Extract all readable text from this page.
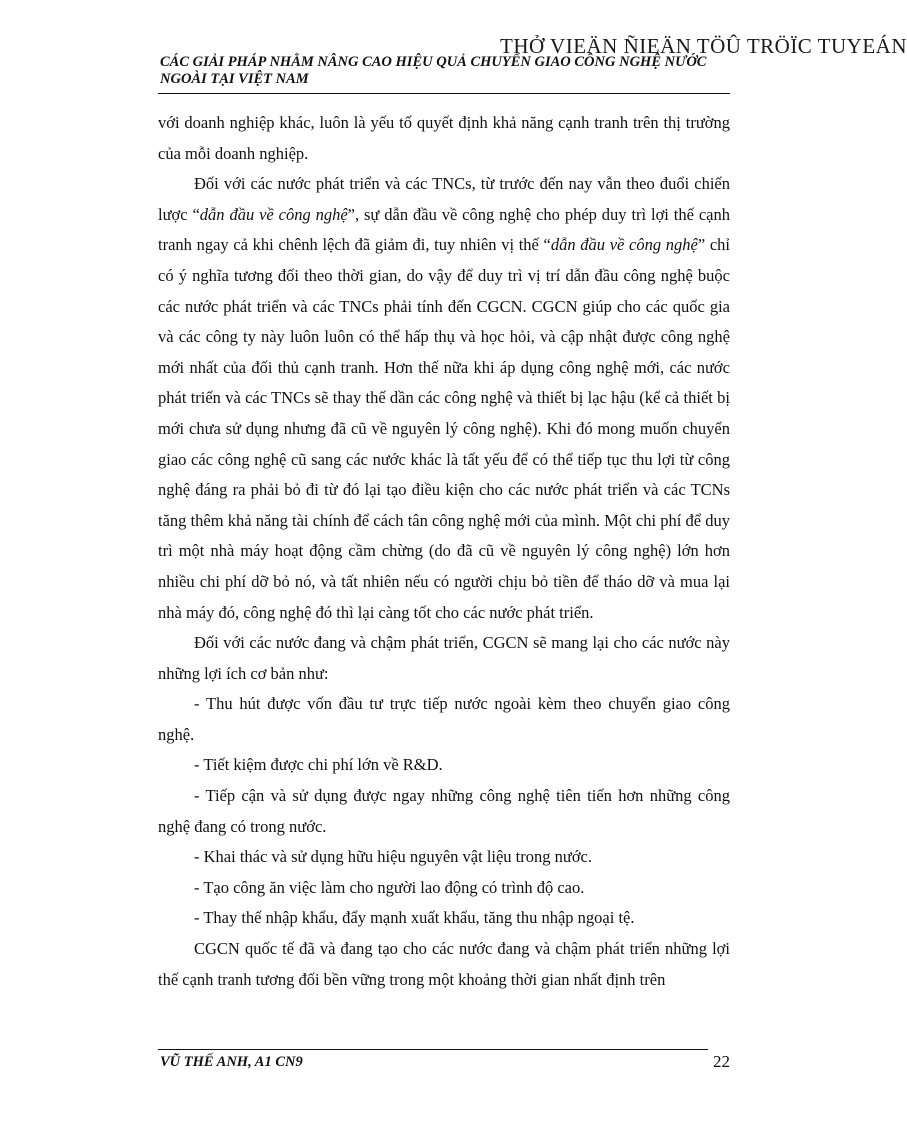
THỞ VIEÄN ÑIEÄN TÖÛ TRÖÏC TUYEÁN
CÁC GIẢI PHÁP NHẰM NÂNG CAO HIỆU QUẢ CHUYỂN GIAO CÔNG NGHỆ NƯỚC NGOÀI TẠI VIỆT NAM

với doanh nghiệp khác, luôn là yếu tố quyết định khả năng cạnh tranh trên thị trường của mỗi doanh nghiệp.

Đối với các nước phát triển và các TNCs, từ trước đến nay vẫn theo đuổi chiến lược “dẫn đầu về công nghệ”, sự dẫn đầu về công nghệ cho phép duy trì lợi thế cạnh tranh ngay cả khi chênh lệch đã giảm đi, tuy nhiên vị thế “dẫn đầu về công nghệ” chỉ có ý nghĩa tương đối theo thời gian, do vậy để duy trì vị trí dẫn đầu công nghệ buộc các nước phát triển và các TNCs phải tính đến CGCN. CGCN giúp cho các quốc gia và các công ty này luôn luôn có thể hấp thụ và học hỏi, và cập nhật được công nghệ mới nhất của đối thủ cạnh tranh. Hơn thế nữa khi áp dụng công nghệ mới, các nước phát triển và các TNCs sẽ thay thế dần các công nghệ và thiết bị lạc hậu (kể cả thiết bị mới chưa sử dụng nhưng đã cũ về nguyên lý công nghệ). Khi đó mong muốn chuyển giao các công nghệ cũ sang các nước khác là tất yếu để có thể tiếp tục thu lợi từ công nghệ đáng ra phải bỏ đi từ đó lại tạo điều kiện cho các nước phát triển và các TCNs tăng thêm khả năng tài chính để cách tân công nghệ mới của mình. Một chi phí để duy trì một nhà máy hoạt động cầm chừng (do đã cũ về nguyên lý công nghệ) lớn hơn nhiều chi phí dỡ bỏ nó, và tất nhiên nếu có người chịu bỏ tiền để tháo dỡ và mua lại nhà máy đó, công nghệ đó thì lại càng tốt cho các nước phát triển.

Đối với các nước đang và chậm phát triển, CGCN sẽ mang lại cho các nước này những lợi ích cơ bản như:

- Thu hút được vốn đầu tư trực tiếp nước ngoài kèm theo chuyển giao công nghệ.

- Tiết kiệm được chi phí lớn về R&D.

- Tiếp cận và sử dụng được ngay những công nghệ tiên tiến hơn những công nghệ đang có trong nước.

- Khai thác và sử dụng hữu hiệu nguyên vật liệu trong nước.

- Tạo công ăn việc làm cho người lao động có trình độ cao.

- Thay thế nhập khẩu, đẩy mạnh xuất khẩu, tăng thu nhập ngoại tệ.

CGCN quốc tế đã và đang tạo cho các nước đang và chậm phát triển những lợi thế cạnh tranh tương đối bền vững trong một khoảng thời gian nhất định trên

VŨ THẾ ANH, A1 CN9	22
